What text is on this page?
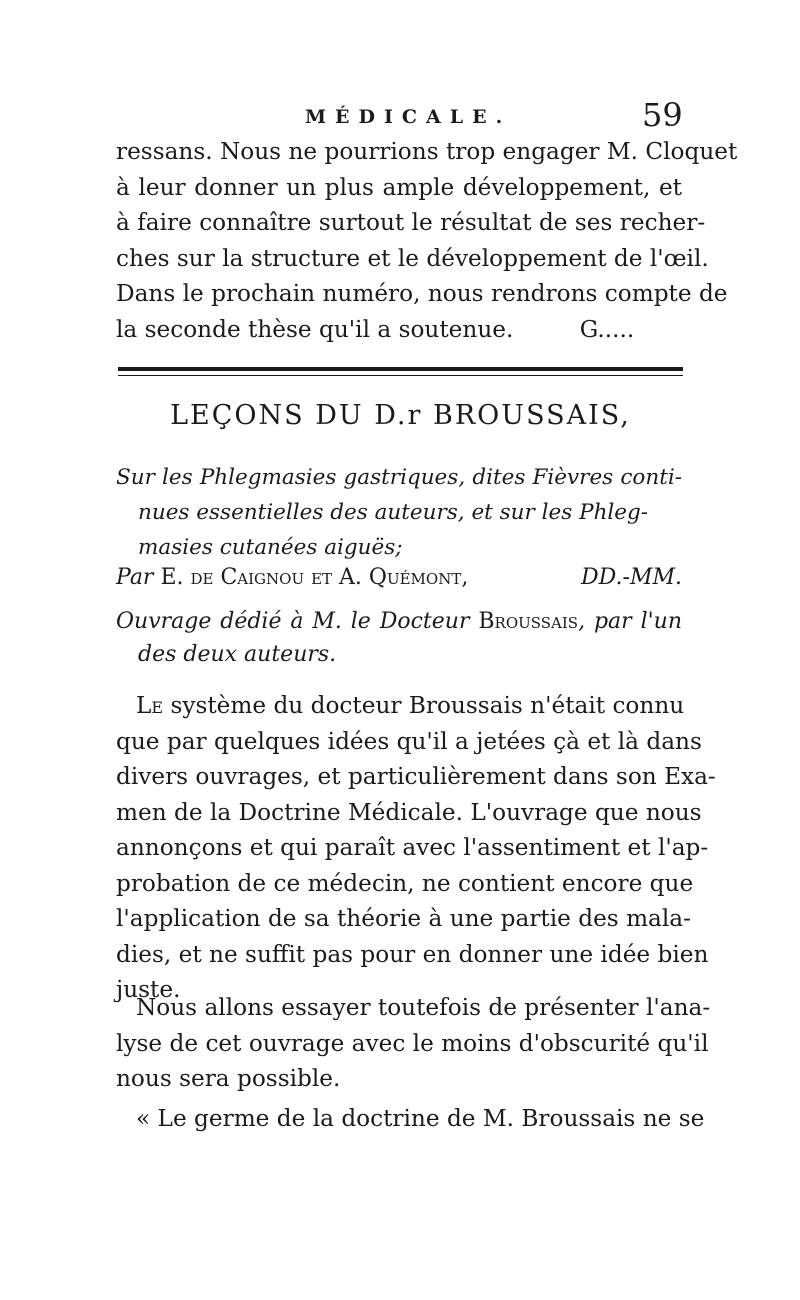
MÉDICALE.	59
ressans. Nous ne pourrions trop engager M. Cloquet
à leur donner un plus ample développement, et
à faire connaître surtout le résultat de ses recher-
ches sur la structure et le développement de l'œil.
Dans le prochain numéro, nous rendrons compte de
la seconde thèse qu'il a soutenue.         G.....
LEÇONS DU D.r BROUSSAIS,
Sur les Phlegmasies gastriques, dites Fièvres conti-
nues essentielles des auteurs, et sur les Phleg-
masies cutanées aiguës;
Par E. de Caignou et A. Quémont,	DD.-MM.
Ouvrage dédié à M. le Docteur Broussais, par l'un
des deux auteurs.
Le système du docteur Broussais n'était connu
que par quelques idées qu'il a jetées çà et là dans
divers ouvrages, et particulièrement dans son Exa-
men de la Doctrine Médicale. L'ouvrage que nous
annonçons et qui paraît avec l'assentiment et l'ap-
probation de ce médecin, ne contient encore que
l'application de sa théorie à une partie des mala-
dies, et ne suffit pas pour en donner une idée bien
juste.
Nous allons essayer toutefois de présenter l'ana-
lyse de cet ouvrage avec le moins d'obscurité qu'il
nous sera possible.
« Le germe de la doctrine de M. Broussais ne se
